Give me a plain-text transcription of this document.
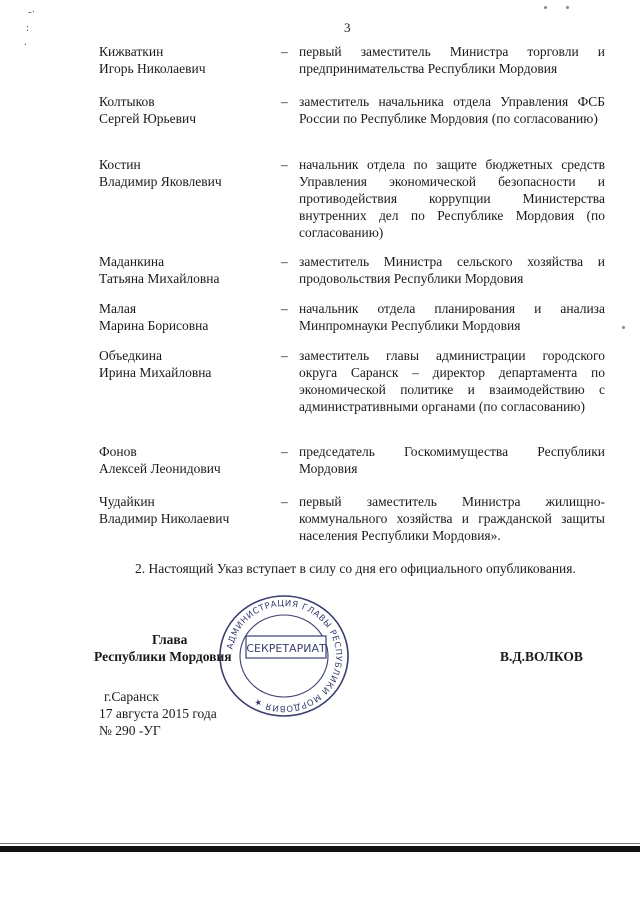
3
-·
:
.
Кижваткин
Игорь Николаевич
– первый заместитель Министра торговли и предпринимательства Республики Мордовия
Колтыков
Сергей Юрьевич
– заместитель начальника отдела Управления ФСБ России по Республике Мордовия (по согласованию)
Костин
Владимир Яковлевич
– начальник отдела по защите бюджетных средств Управления экономической безопасности и противодействия коррупции Министерства внутренних дел по Республике Мордовия (по согласованию)
Маданкина
Татьяна Михайловна
– заместитель Министра сельского хозяйства и продовольствия Республики Мордовия
Малая
Марина Борисовна
– начальник отдела планирования и анализа Минпромнауки Республики Мордовия
Объедкина
Ирина Михайловна
– заместитель главы администрации городского округа Саранск – директор департамента по экономической политике и взаимодействию с административными органами (по согласованию)
Фонов
Алексей Леонидович
– председатель Госкомимущества Республики Мордовия
Чудайкин
Владимир Николаевич
– первый заместитель Министра жилищно-коммунального хозяйства и гражданской защиты населения Республики Мордовия».
2. Настоящий Указ вступает в силу со дня его официального опубликования.
АДМИНИСТРАЦИЯ ГЛАВЫ РЕСПУБЛИКИ МОРДОВИЯ ★
СЕКРЕТАРИАТ
Глава
Республики Мордовия	В.Д.ВОЛКОВ
г.Саранск
17 августа 2015 года
№ 290 -УГ
